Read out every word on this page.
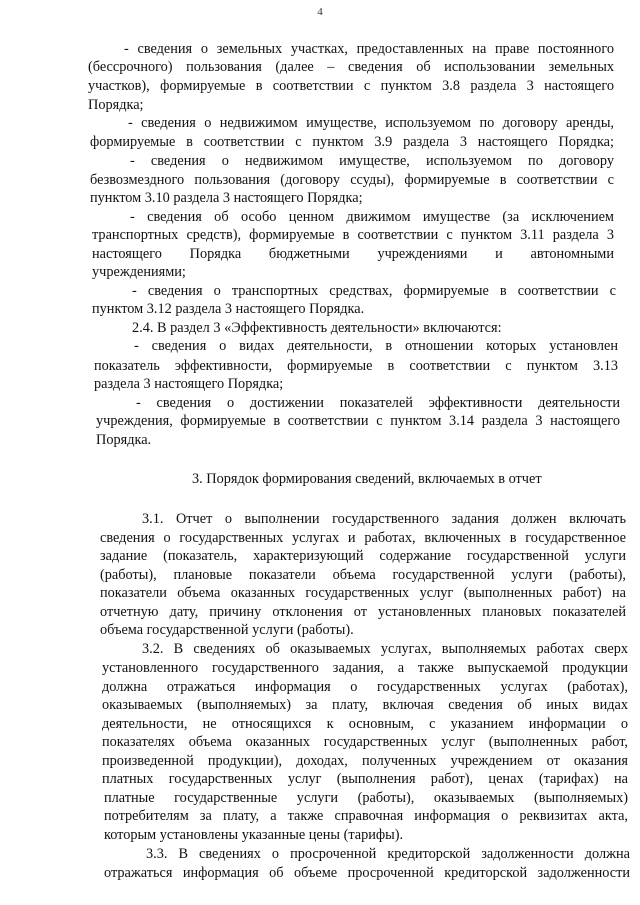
4
- сведения о земельных участках, предоставленных на праве постоянного
(бессрочного) пользования (далее – сведения об использовании земельных
участков), формируемые в соответствии с пунктом 3.8 раздела 3 настоящего
Порядка;
- сведения о недвижимом имуществе, используемом по договору аренды,
формируемые в соответствии с пунктом 3.9 раздела 3 настоящего Порядка;
- сведения о недвижимом имуществе, используемом по договору
безвозмездного пользования (договору ссуды), формируемые в соответствии с
пунктом 3.10 раздела 3 настоящего Порядка;
- сведения об особо ценном движимом имуществе (за исключением
транспортных средств), формируемые в соответствии с пунктом 3.11 раздела 3
настоящего Порядка бюджетными учреждениями и автономными
учреждениями;
- сведения о транспортных средствах, формируемые в соответствии с
пунктом 3.12 раздела 3 настоящего Порядка.
2.4. В раздел 3 «Эффективность деятельности» включаются:
- сведения о видах деятельности, в отношении которых установлен
показатель эффективности, формируемые в соответствии с пунктом 3.13
раздела 3 настоящего Порядка;
- сведения о достижении показателей эффективности деятельности
учреждения, формируемые в соответствии с пунктом 3.14 раздела 3 настоящего
Порядка.
3. Порядок формирования сведений, включаемых в отчет
3.1. Отчет о выполнении государственного задания должен включать
сведения о государственных услугах и работах, включенных в государственное
задание (показатель, характеризующий содержание государственной услуги
(работы), плановые показатели объема государственной услуги (работы),
показатели объема оказанных государственных услуг (выполненных работ) на
отчетную дату, причину отклонения от установленных плановых показателей
объема государственной услуги (работы).
3.2. В сведениях об оказываемых услугах, выполняемых работах сверх
установленного государственного задания, а также выпускаемой продукции
должна отражаться информация о государственных услугах (работах),
оказываемых (выполняемых) за плату, включая сведения об иных видах
деятельности, не относящихся к основным, с указанием информации о
показателях объема оказанных государственных услуг (выполненных работ,
произведенной продукции), доходах, полученных учреждением от оказания
платных государственных услуг (выполнения работ), ценах (тарифах) на
платные государственные услуги (работы), оказываемых (выполняемых)
потребителям за плату, а также справочная информация о реквизитах акта,
которым установлены указанные цены (тарифы).
3.3. В сведениях о просроченной кредиторской задолженности должна
отражаться информация об объеме просроченной кредиторской задолженности
